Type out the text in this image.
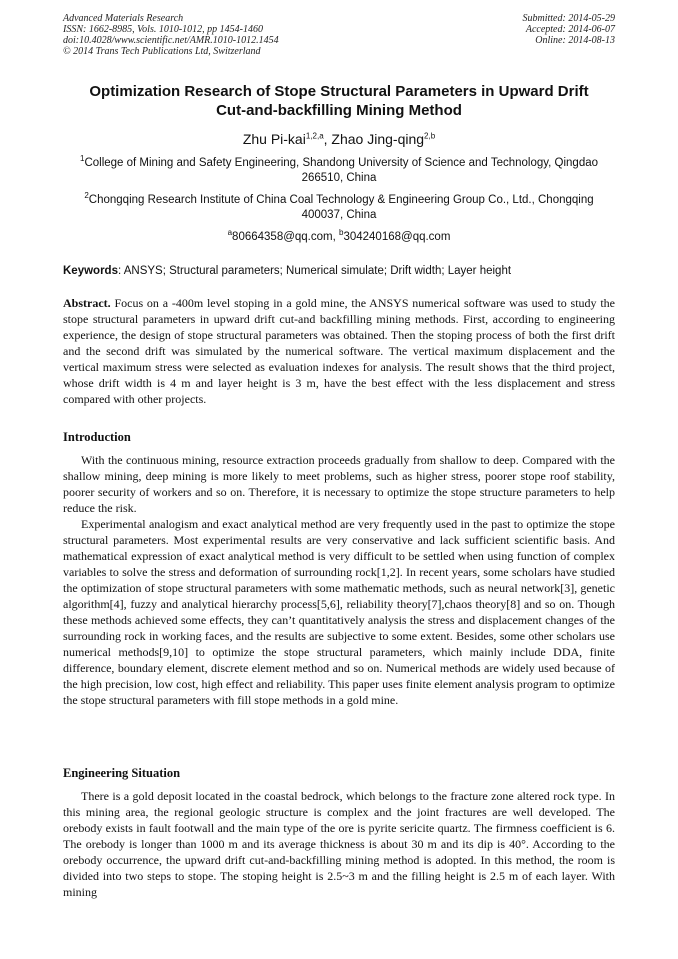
Advanced Materials Research
ISSN: 1662-8985, Vols. 1010-1012, pp 1454-1460
doi:10.4028/www.scientific.net/AMR.1010-1012.1454
© 2014 Trans Tech Publications Ltd, Switzerland
Submitted: 2014-05-29
Accepted: 2014-06-07
Online: 2014-08-13
Optimization Research of Stope Structural Parameters in Upward Drift
Cut-and-backfilling Mining Method
Zhu Pi-kai$^{1,2,a}$, Zhao Jing-qing$^{2,b}$
$^1$College of Mining and Safety Engineering, Shandong University of Science and Technology, Qingdao 266510, China
$^2$Chongqing Research Institute of China Coal Technology & Engineering Group Co., Ltd., Chongqing 400037, China
$^a$80664358@qq.com, $^b$304240168@qq.com
Keywords: ANSYS; Structural parameters; Numerical simulate; Drift width; Layer height
Abstract. Focus on a -400m level stoping in a gold mine, the ANSYS numerical software was used to study the stope structural parameters in upward drift cut-and backfilling mining methods. First, according to engineering experience, the design of stope structural parameters was obtained. Then the stoping process of both the first drift and the second drift was simulated by the numerical software. The vertical maximum displacement and the vertical maximum stress were selected as evaluation indexes for analysis. The result shows that the third project, whose drift width is 4 m and layer height is 3 m, have the best effect with the less displacement and stress compared with other projects.
Introduction

With the continuous mining, resource extraction proceeds gradually from shallow to deep. Compared with the shallow mining, deep mining is more likely to meet problems, such as higher stress, poorer stope roof stability, poorer security of workers and so on. Therefore, it is necessary to optimize the stope structure parameters to help reduce the risk.

Experimental analogism and exact analytical method are very frequently used in the past to optimize the stope structural parameters. Most experimental results are very conservative and lack sufficient scientific basis. And mathematical expression of exact analytical method is very difficult to be settled when using function of complex variables to solve the stress and deformation of surrounding rock[1,2]. In recent years, some scholars have studied the optimization of stope structural parameters with some mathematic methods, such as neural network[3], genetic algorithm[4], fuzzy and analytical hierarchy process[5,6], reliability theory[7],chaos theory[8] and so on. Though these methods achieved some effects, they can’t quantitatively analysis the stress and displacement changes of the surrounding rock in working faces, and the results are subjective to some extent. Besides, some other scholars use numerical methods[9,10] to optimize the stope structural parameters, which mainly include DDA, finite difference, boundary element, discrete element method and so on. Numerical methods are widely used because of the high precision, low cost, high effect and reliability. This paper uses finite element analysis program to optimize the stope structural parameters with fill stope methods in a gold mine.

Engineering Situation

There is a gold deposit located in the coastal bedrock, which belongs to the fracture zone altered rock type. In this mining area, the regional geologic structure is complex and the joint fractures are well developed. The orebody exists in fault footwall and the main type of the ore is pyrite sericite quartz. The firmness coefficient is 6. The orebody is longer than 1000 m and its average thickness is about 30 m and its dip is 40°. According to the orebody occurrence, the upward drift cut-and-backfilling mining method is adopted. In this method, the room is divided into two steps to stope. The stoping height is 2.5~3 m and the filling height is 2.5 m of each layer. With mining
